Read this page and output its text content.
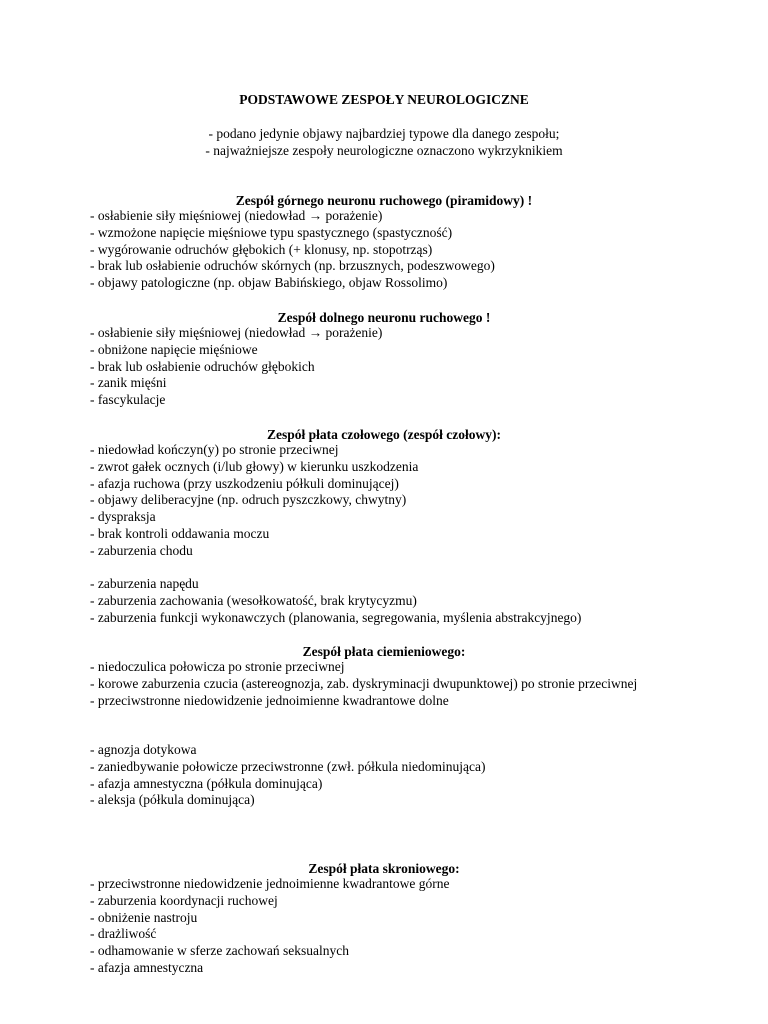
PODSTAWOWE ZESPOŁY NEUROLOGICZNE
- podano jedynie objawy najbardziej typowe dla danego zespołu;
- najważniejsze zespoły neurologiczne oznaczono wykrzyknikiem
Zespół górnego neuronu ruchowego (piramidowy) !
- osłabienie siły mięśniowej (niedowład → porażenie)
- wzmożone napięcie mięśniowe typu spastycznego (spastyczność)
- wygórowanie odruchów głębokich (+ klonusy, np. stopotrząs)
- brak lub osłabienie odruchów skórnych (np. brzusznych, podeszwowego)
- objawy patologiczne (np. objaw Babińskiego, objaw Rossolimo)
Zespół dolnego neuronu ruchowego !
- osłabienie siły mięśniowej (niedowład → porażenie)
- obniżone napięcie mięśniowe
- brak lub osłabienie odruchów głębokich
- zanik mięśni
- fascykulacje
Zespół płata czołowego (zespół czołowy):
- niedowład kończyn(y) po stronie przeciwnej
- zwrot gałek ocznych (i/lub głowy) w kierunku uszkodzenia
- afazja ruchowa (przy uszkodzeniu półkuli dominującej)
- objawy deliberacyjne (np. odruch pyszczkowy, chwytny)
- dyspraksja
- brak kontroli oddawania moczu
- zaburzenia chodu
- zaburzenia napędu
- zaburzenia zachowania (wesołkowatość, brak krytycyzmu)
- zaburzenia funkcji wykonawczych (planowania, segregowania, myślenia abstrakcyjnego)
Zespół płata ciemieniowego:
- niedoczulica połowicza po stronie przeciwnej
- korowe zaburzenia czucia (astereognozja, zab. dyskryminacji dwupunktowej) po stronie przeciwnej
- przeciwstronne niedowidzenie jednoimienne kwadrantowe dolne
- agnozja dotykowa
- zaniedbywanie połowicze przeciwstronne (zwł. półkula niedominująca)
- afazja amnestyczna (półkula dominująca)
- aleksja (półkula dominująca)
Zespół płata skroniowego:
- przeciwstronne niedowidzenie jednoimienne kwadrantowe górne
- zaburzenia koordynacji ruchowej
- obniżenie nastroju
- drażliwość
- odhamowanie w sferze zachowań seksualnych
- afazja amnestyczna
